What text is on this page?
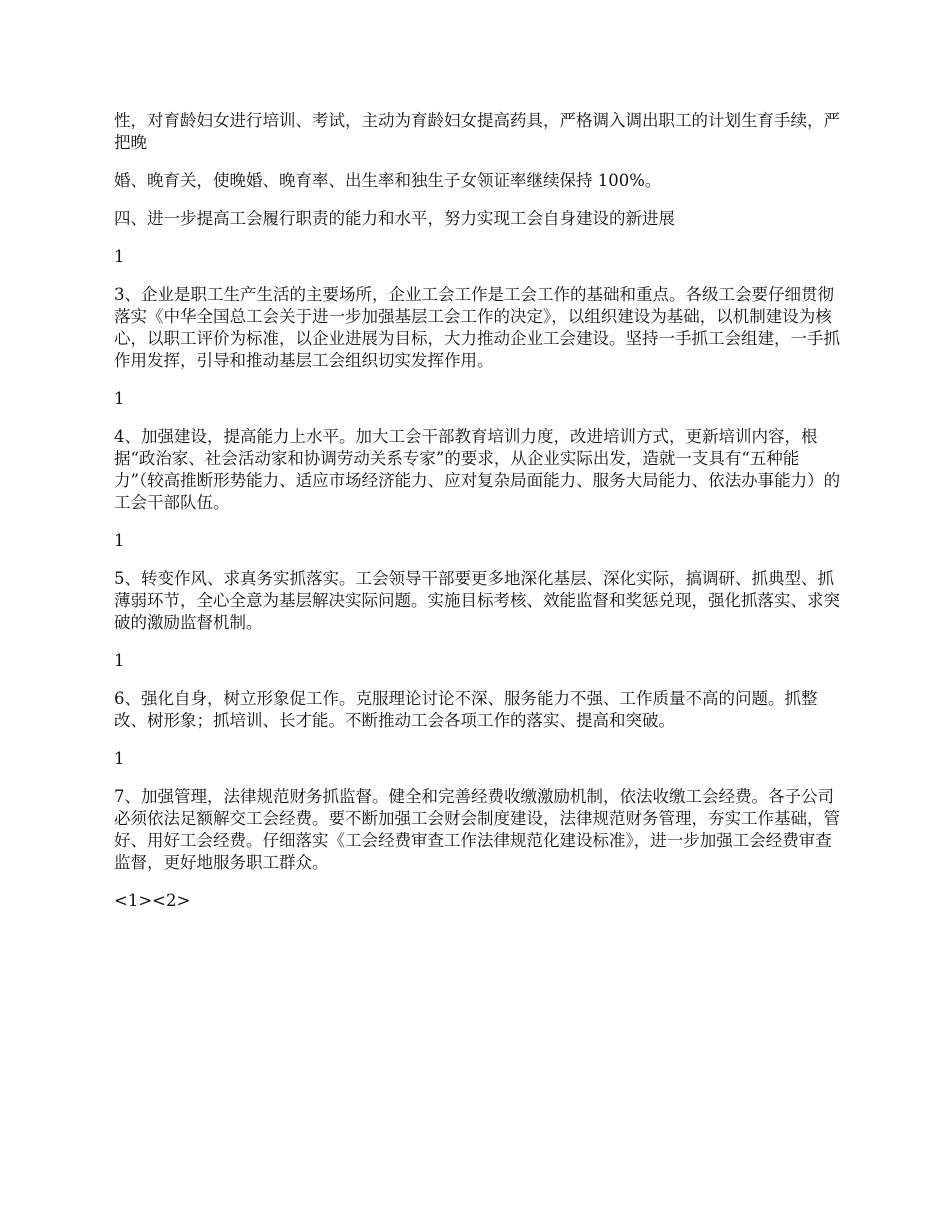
性，对育龄妇女进行培训、考试，主动为育龄妇女提高药具，严格调入调出职工的计划生育手续，严把晚

婚、晚育关，使晚婚、晚育率、出生率和独生子女领证率继续保持 100%。

四、进一步提高工会履行职责的能力和水平，努力实现工会自身建设的新进展

1

3、企业是职工生产生活的主要场所，企业工会工作是工会工作的基础和重点。各级工会要仔细贯彻落实《中华全国总工会关于进一步加强基层工会工作的决定》，以组织建设为基础，以机制建设为核心，以职工评价为标准，以企业进展为目标，大力推动企业工会建设。坚持一手抓工会组建，一手抓作用发挥，引导和推动基层工会组织切实发挥作用。

1

4、加强建设，提高能力上水平。加大工会干部教育培训力度，改进培训方式，更新培训内容，根据“政治家、社会活动家和协调劳动关系专家”的要求，从企业实际出发，造就一支具有“五种能力”（较高推断形势能力、适应市场经济能力、应对复杂局面能力、服务大局能力、依法办事能力）的工会干部队伍。

1

5、转变作风、求真务实抓落实。工会领导干部要更多地深化基层、深化实际，搞调研、抓典型、抓薄弱环节，全心全意为基层解决实际问题。实施目标考核、效能监督和奖惩兑现，强化抓落实、求突破的激励监督机制。

1

6、强化自身，树立形象促工作。克服理论讨论不深、服务能力不强、工作质量不高的问题。抓整改、树形象；抓培训、长才能。不断推动工会各项工作的落实、提高和突破。

1

7、加强管理，法律规范财务抓监督。健全和完善经费收缴激励机制，依法收缴工会经费。各子公司必须依法足额解交工会经费。要不断加强工会财会制度建设，法律规范财务管理，夯实工作基础，管好、用好工会经费。仔细落实《工会经费审查工作法律规范化建设标准》，进一步加强工会经费审查监督，更好地服务职工群众。

<1><2>
